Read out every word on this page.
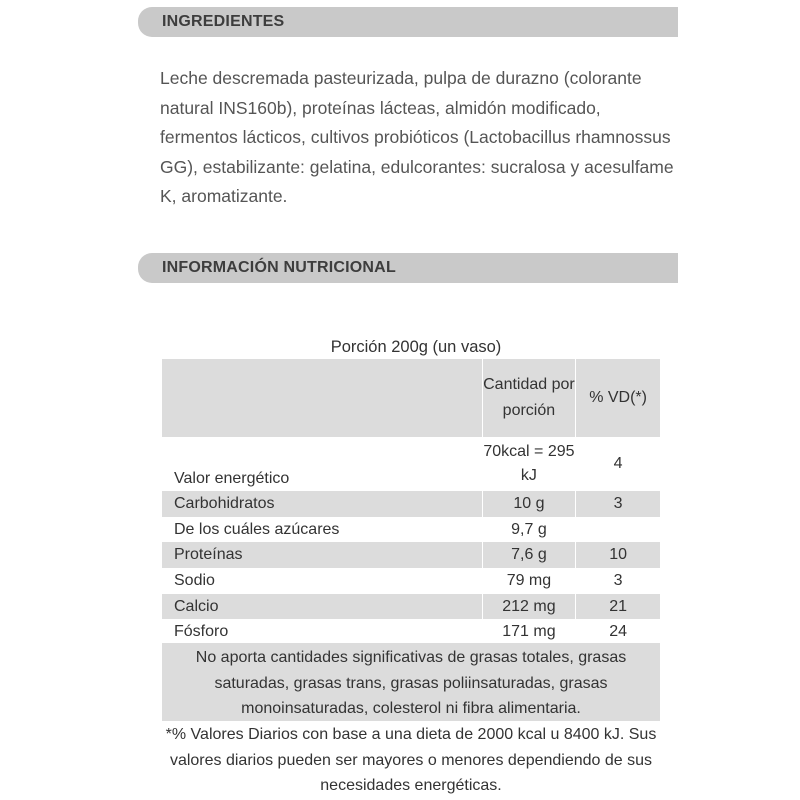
INGREDIENTES

Leche descremada pasteurizada, pulpa de durazno (colorante natural INS160b), proteínas lácteas, almidón modificado, fermentos lácticos, cultivos probióticos (Lactobacillus rhamnossus GG), estabilizante: gelatina, edulcorantes: sucralosa y acesulfame K, aromatizante.

INFORMACIÓN NUTRICIONAL
Porción 200g (un vaso)
	Cantidad por porción	% VD(*)
Valor energético	70kcal = 295 kJ	4
Carbohidratos	10 g	3
De los cuáles azúcares	9,7 g	
Proteínas	7,6 g	10
Sodio	79 mg	3
Calcio	212 mg	21
Fósforo	171 mg	24
No aporta cantidades significativas de grasas totales, grasas saturadas, grasas trans, grasas poliinsaturadas, grasas monoinsaturadas, colesterol ni fibra alimentaria.
*% Valores Diarios con base a una dieta de 2000 kcal u 8400 kJ. Sus valores diarios pueden ser mayores o menores dependiendo de sus necesidades energéticas.
